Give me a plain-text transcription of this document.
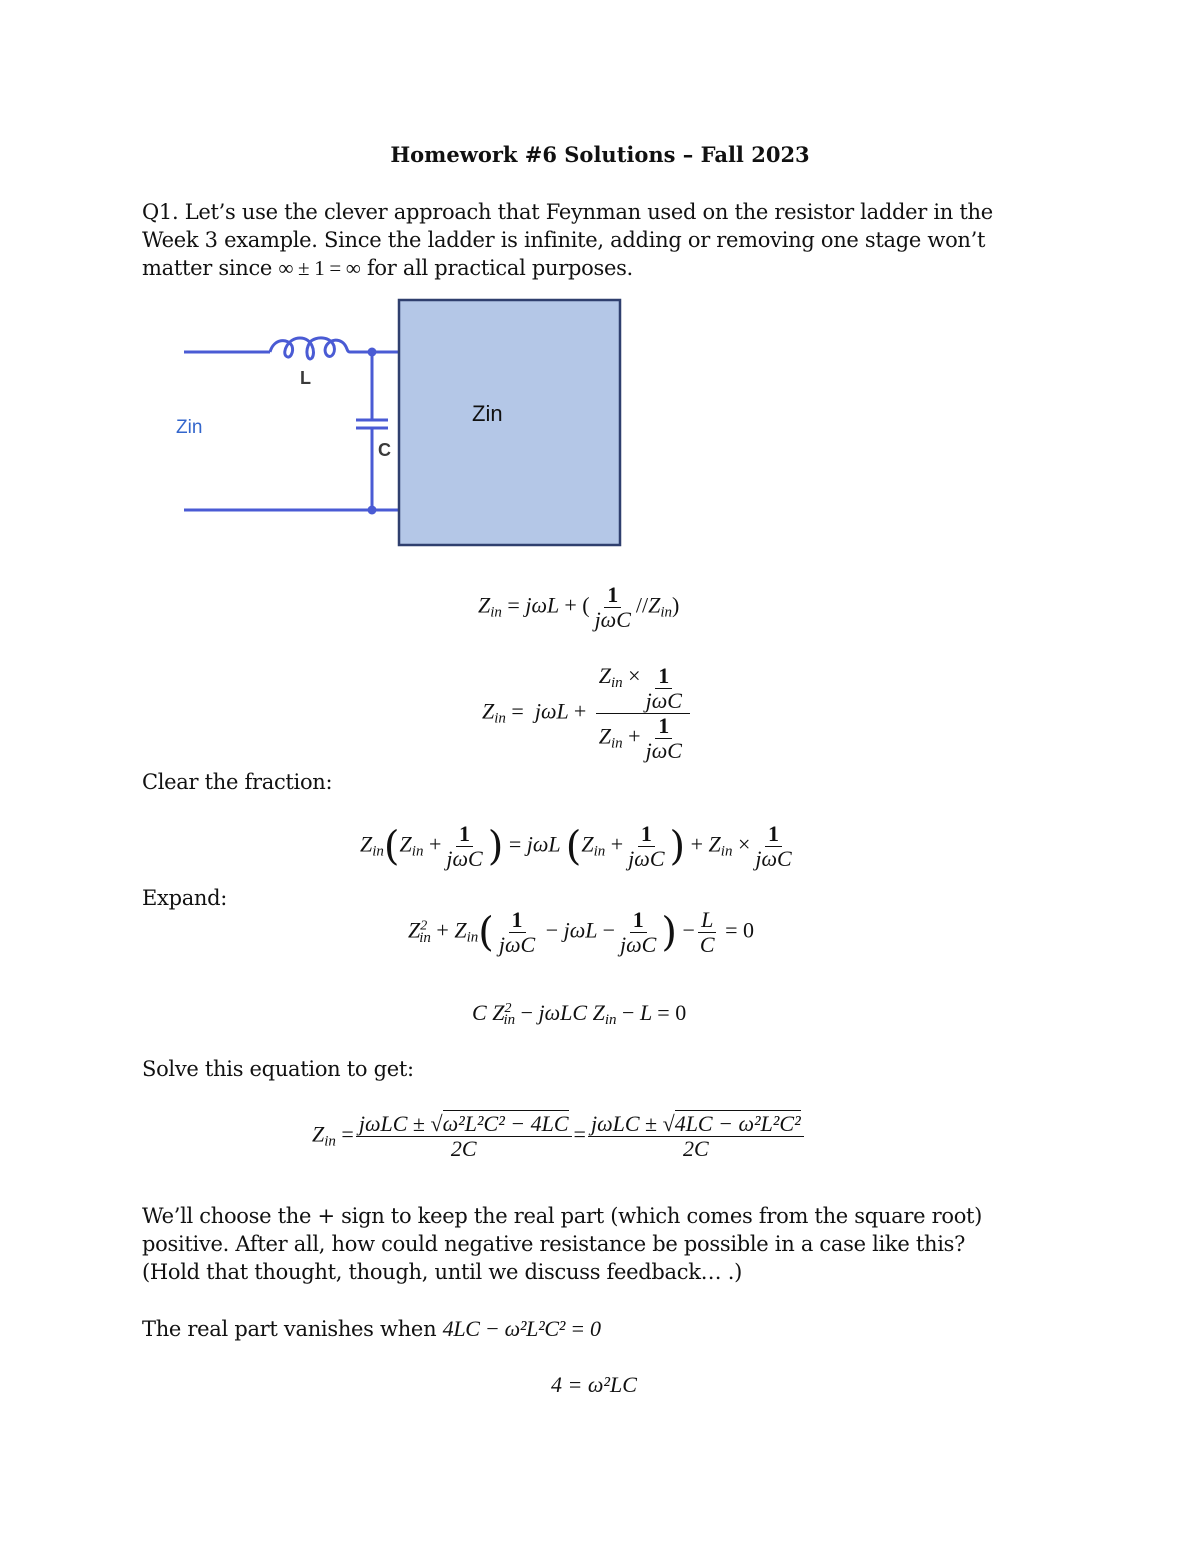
Homework #6 Solutions – Fall 2023
Q1. Let’s use the clever approach that Feynman used on the resistor ladder in the
Week 3 example. Since the ladder is infinite, adding or removing one stage won’t
matter since ∞ ± 1 = ∞ for all practical purposes.
L
C
Zin
Zin
$Z_{in} = j\omega L$ + ( $\frac{1}{\text{jωC}} //Z_{in}$)
$Z_{in} = j\omega L + \frac{Z_{in} \times \frac{1}{\text{jωC}}}{Z_{in} + \frac{1}{\text{jωC}}}$
Clear the fraction:
$Z_{in}(Z_{in} + \frac{1}{\text{jωC}}$ ) = jωL ($Z_{in} + \frac{1}{\text{jωC}}$ ) + $Z_{in} \times \frac{1}{\text{jωC}}$
Expand:
$Z^2_{in} + Z_{in}( \frac{1}{\text{jωC}} - j\omega L - \frac{1}{\text{jωC}}$ ) − $\frac{L}{C} = 0$
C $Z^2_{in} - j\omega LC$ $Z_{in} - L = 0$
Solve this equation to get:
$Z_{in} = \frac{\text{jωLC ± √ω²L²C² − 4LC}}{2C} = \frac{\text{jωLC ± √4LC − ω²L²C²}}{2C}$
We’ll choose the + sign to keep the real part (which comes from the square root)
positive. After all, how could negative resistance be possible in a case like this?
(Hold that thought, though, until we discuss feedback… .)
The real part vanishes when 4LC − ω²L²C² = 0
4 = ω²LC
